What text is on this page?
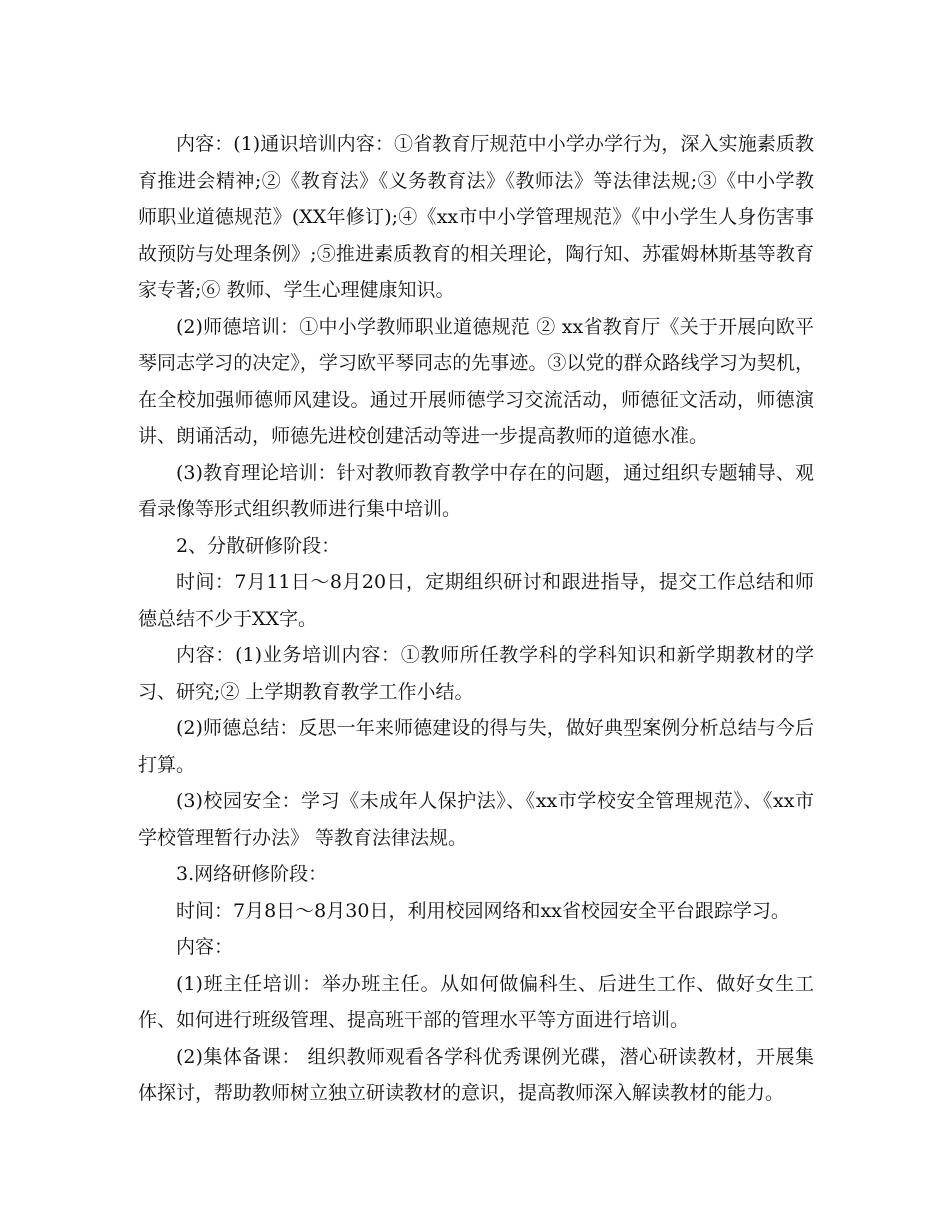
内容：(1)通识培训内容：①省教育厅规范中小学办学行为，深入实施素质教育推进会精神;②《教育法》《义务教育法》《教师法》等法律法规;③《中小学教师职业道德规范》(XX年修订);④《xx市中小学管理规范》《中小学生人身伤害事故预防与处理条例》;⑤推进素质教育的相关理论，陶行知、苏霍姆林斯基等教育家专著;⑥ 教师、学生心理健康知识。

(2)师德培训：①中小学教师职业道德规范 ② xx省教育厅《关于开展向欧平琴同志学习的决定》，学习欧平琴同志的先事迹。③以党的群众路线学习为契机，在全校加强师德师风建设。通过开展师德学习交流活动，师德征文活动，师德演讲、朗诵活动，师德先进校创建活动等进一步提高教师的道德水准。

(3)教育理论培训：针对教师教育教学中存在的问题，通过组织专题辅导、观看录像等形式组织教师进行集中培训。

2、分散研修阶段：

时间：7月11日～8月20日，定期组织研讨和跟进指导，提交工作总结和师德总结不少于XX字。

内容：(1)业务培训内容：①教师所任教学科的学科知识和新学期教材的学习、研究;② 上学期教育教学工作小结。

(2)师德总结：反思一年来师德建设的得与失，做好典型案例分析总结与今后打算。

(3)校园安全：学习《未成年人保护法》、《xx市学校安全管理规范》、《xx市学校管理暂行办法》 等教育法律法规。

3.网络研修阶段：

时间：7月8日～8月30日，利用校园网络和xx省校园安全平台跟踪学习。

内容：

(1)班主任培训：举办班主任。从如何做偏科生、后进生工作、做好女生工作、如何进行班级管理、提高班干部的管理水平等方面进行培训。

(2)集体备课： 组织教师观看各学科优秀课例光碟，潜心研读教材，开展集体探讨，帮助教师树立独立研读教材的意识，提高教师深入解读教材的能力。
